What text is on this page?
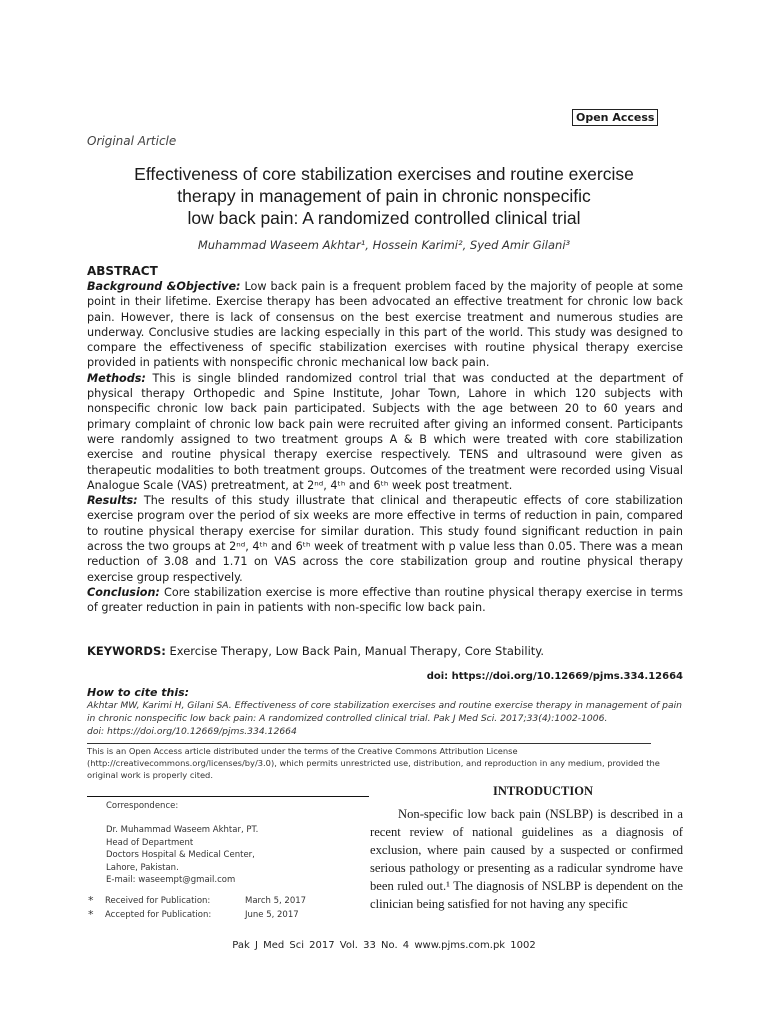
Open Access
Original Article
Effectiveness of core stabilization exercises and routine exercise
therapy in management of pain in chronic nonspecific
low back pain: A randomized controlled clinical trial
Muhammad Waseem Akhtar¹, Hossein Karimi², Syed Amir Gilani³
ABSTRACT

Background &Objective: Low back pain is a frequent problem faced by the majority of people at some point in their lifetime. Exercise therapy has been advocated an effective treatment for chronic low back pain. However, there is lack of consensus on the best exercise treatment and numerous studies are underway. Conclusive studies are lacking especially in this part of the world. This study was designed to compare the effectiveness of specific stabilization exercises with routine physical therapy exercise provided in patients with nonspecific chronic mechanical low back pain.

Methods: This is single blinded randomized control trial that was conducted at the department of physical therapy Orthopedic and Spine Institute, Johar Town, Lahore in which 120 subjects with nonspecific chronic low back pain participated. Subjects with the age between 20 to 60 years and primary complaint of chronic low back pain were recruited after giving an informed consent. Participants were randomly assigned to two treatment groups A & B which were treated with core stabilization exercise and routine physical therapy exercise respectively. TENS and ultrasound were given as therapeutic modalities to both treatment groups. Outcomes of the treatment were recorded using Visual Analogue Scale (VAS) pretreatment, at 2ⁿᵈ, 4ᵗʰ and 6ᵗʰ week post treatment.

Results: The results of this study illustrate that clinical and therapeutic effects of core stabilization exercise program over the period of six weeks are more effective in terms of reduction in pain, compared to routine physical therapy exercise for similar duration. This study found significant reduction in pain across the two groups at 2ⁿᵈ, 4ᵗʰ and 6ᵗʰ week of treatment with p value less than 0.05. There was a mean reduction of 3.08 and 1.71 on VAS across the core stabilization group and routine physical therapy exercise group respectively.

Conclusion: Core stabilization exercise is more effective than routine physical therapy exercise in terms of greater reduction in pain in patients with non-specific low back pain.

KEYWORDS: Exercise Therapy, Low Back Pain, Manual Therapy, Core Stability.
doi: https://doi.org/10.12669/pjms.334.12664
How to cite this:
Akhtar MW, Karimi H, Gilani SA. Effectiveness of core stabilization exercises and routine exercise therapy in management of pain in chronic nonspecific low back pain: A randomized controlled clinical trial. Pak J Med Sci. 2017;33(4):1002-1006.
doi: https://doi.org/10.12669/pjms.334.12664
This is an Open Access article distributed under the terms of the Creative Commons Attribution License (http://creativecommons.org/licenses/by/3.0), which permits unrestricted use, distribution, and reproduction in any medium, provided the original work is properly cited.
Correspondence:
Dr. Muhammad Waseem Akhtar, PT.
Head of Department
Doctors Hospital & Medical Center,
Lahore, Pakistan.
E-mail: waseempt@gmail.com
* Received for Publication:	March 5, 2017
* Accepted for Publication:	June 5, 2017
INTRODUCTION

Non-specific low back pain (NSLBP) is described in a recent review of national guidelines as a diagnosis of exclusion, where pain caused by a suspected or confirmed serious pathology or presenting as a radicular syndrome have been ruled out.¹ The diagnosis of NSLBP is dependent on the clinician being satisfied for not having any specific

Pak J Med Sci 2017 Vol. 33 No. 4 www.pjms.com.pk 1002
